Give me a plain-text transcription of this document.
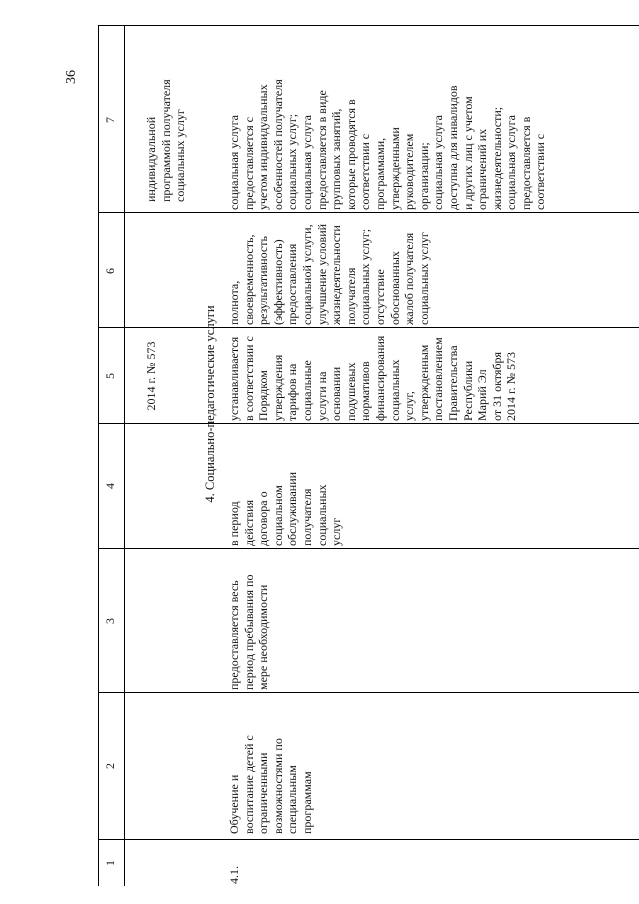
36
1
2
3
4
5
6
7
2014 г. № 573
индивидуальной
программой получателя
социальных услуг
4. Социально-педагогические услуги
4.1.
Обучение и
воспитание детей с
ограниченными
возможностями по
специальным
программам
предоставляется весь
период пребывания по
мере необходимости
в период
действия
договора о
социальном
обслуживании
получателя
социальных
услуг
устанавливается
в соответствии с
Порядком
утверждения
тарифов на
социальные
услуги на
основании
подушевых
нормативов
финансирования
социальных
услуг,
утвержденным
постановлением
Правительства
Республики
Марий Эл
от 31 октября
2014 г. № 573
полнота,
своевременность,
результативность
(эффективность)
предоставления
социальной услуги,
улучшение условий
жизнедеятельности
получателя
социальных услуг;
отсутствие
обоснованных
жалоб получателя
социальных услуг
социальная услуга
предоставляется с
учетом индивидуальных
особенностей получателя
социальных услуг;
социальная услуга
предоставляется в виде
групповых занятий,
которые проводятся в
соответствии с
программами,
утвержденными
руководителем
организации;
социальная услуга
доступна для инвалидов
и других лиц с учетом
ограничений их
жизнедеятельности;
социальная услуга
предоставляется в
соответствии с
